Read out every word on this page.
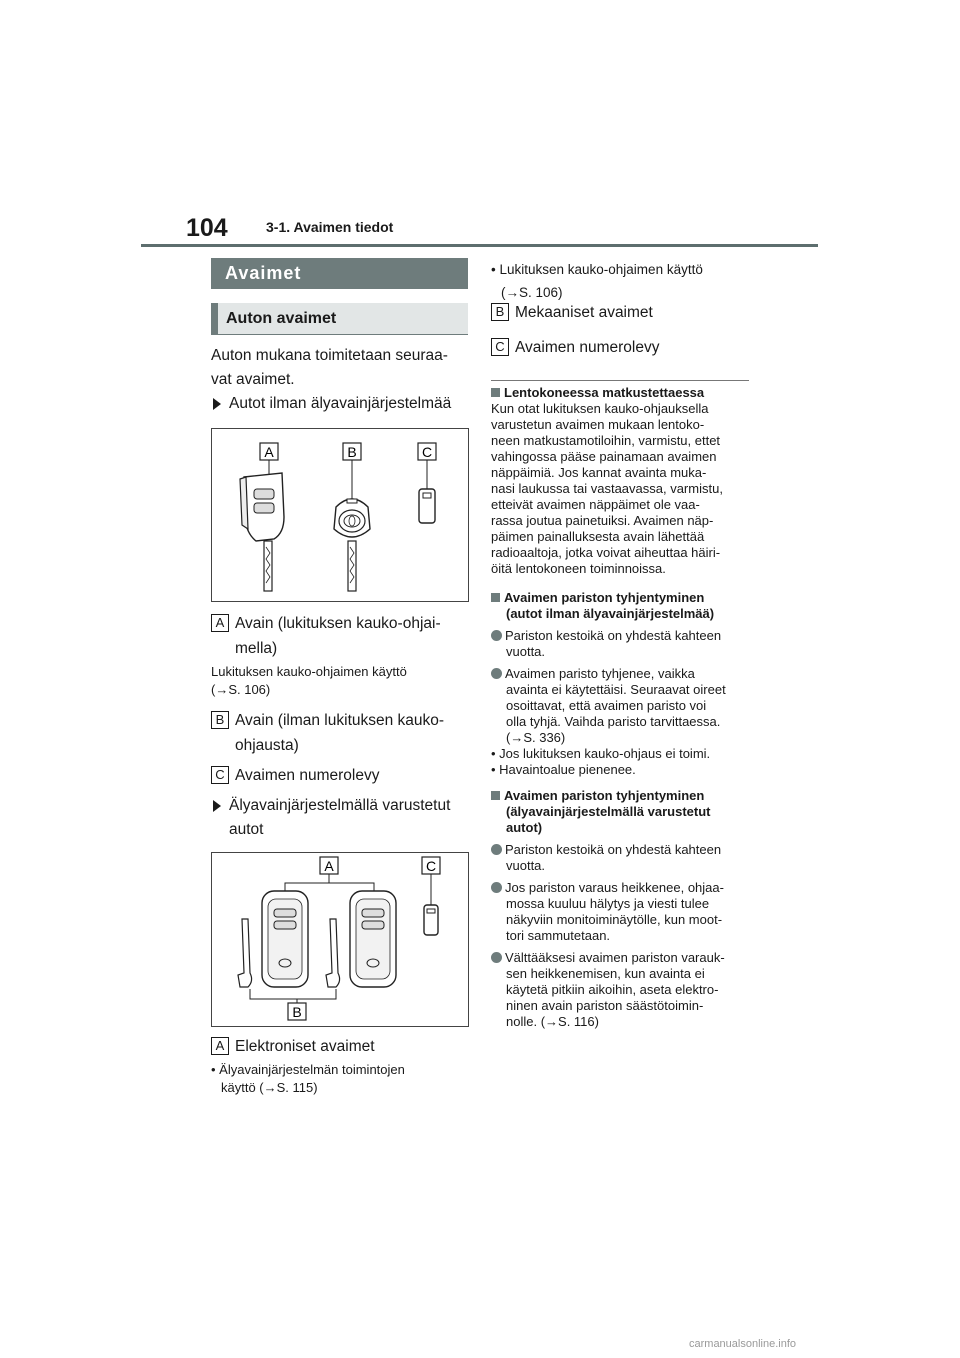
104	3-1. Avaimen tiedot
Avaimet
Auton avaimet
Auton mukana toimitetaan seuraa-
vat avaimet.
Autot ilman älyavainjärjestelmää
A	B	C
A Avain (lukituksen kauko-ohjai-
mella)
Lukituksen kauko-ohjaimen käyttö
(→S. 106)
B Avain (ilman lukituksen kauko-
ohjausta)
C Avaimen numerolevy
Älyavainjärjestelmällä varustetut
autot
A	C
B
A Elektroniset avaimet
• Älyavainjärjestelmän toimintojen
käyttö (→S. 115)
• Lukituksen kauko-ohjaimen käyttö
(→S. 106)
B Mekaaniset avaimet
C Avaimen numerolevy
Lentokoneessa matkustettaessa
Kun otat lukituksen kauko-ohjauksella
varustetun avaimen mukaan lentoko-
neen matkustamotiloihin, varmistu, ettet
vahingossa pääse painamaan avaimen
näppäimiä. Jos kannat avainta muka-
nasi laukussa tai vastaavassa, varmistu,
etteivät avaimen näppäimet ole vaa-
rassa joutua painetuiksi. Avaimen näp-
päimen painalluksesta avain lähettää
radioaaltoja, jotka voivat aiheuttaa häiri-
öitä lentokoneen toiminnoissa.
Avaimen pariston tyhjentyminen
(autot ilman älyavainjärjestelmää)
Pariston kestoikä on yhdestä kahteen
vuotta.
Avaimen paristo tyhjenee, vaikka
avainta ei käytettäisi. Seuraavat oireet
osoittavat, että avaimen paristo voi
olla tyhjä. Vaihda paristo tarvittaessa.
(→S. 336)
• Jos lukituksen kauko-ohjaus ei toimi.
• Havaintoalue pienenee.
Avaimen pariston tyhjentyminen
(älyavainjärjestelmällä varustetut
autot)
Pariston kestoikä on yhdestä kahteen
vuotta.
Jos pariston varaus heikkenee, ohjaa-
mossa kuuluu hälytys ja viesti tulee
näkyviin monitoiminäytölle, kun moot-
tori sammutetaan.
Välttääksesi avaimen pariston varauk-
sen heikkenemisen, kun avainta ei
käytetä pitkiin aikoihin, aseta elektro-
ninen avain pariston säästötoimin-
nolle. (→S. 116)
carmanualsonline.info
